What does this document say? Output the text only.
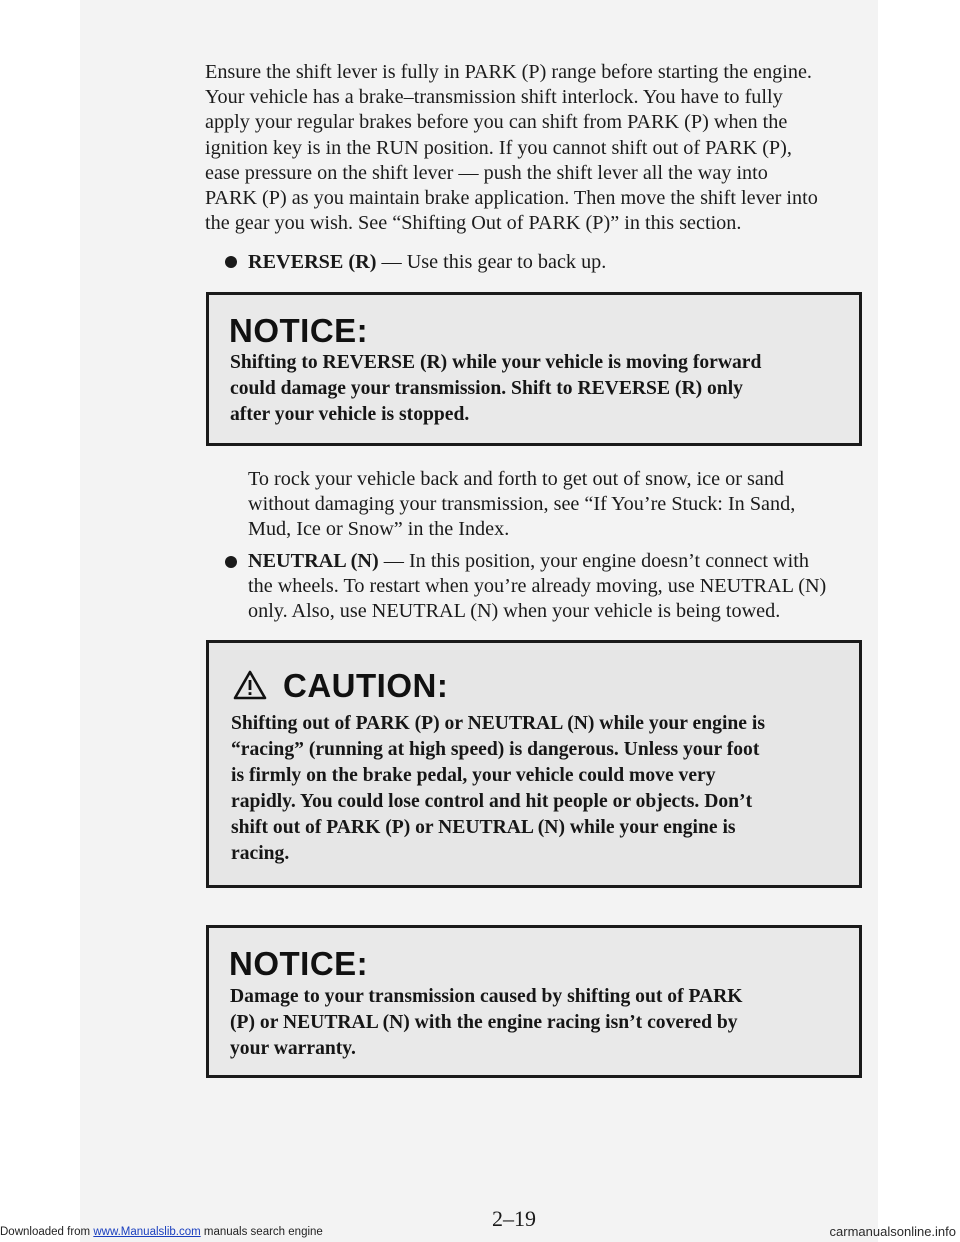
Ensure the shift lever is fully in PARK (P) range before starting the engine.
Your vehicle has a brake–transmission shift interlock. You have to fully
apply your regular brakes before you can shift from PARK (P) when the
ignition key is in the RUN position. If you cannot shift out of PARK (P),
ease pressure on the shift lever — push the shift lever all the way into
PARK (P) as you maintain brake application. Then move the shift lever into
the gear you wish. See “Shifting Out of PARK (P)” in this section.
REVERSE (R) — Use this gear to back up.
NOTICE:
Shifting to REVERSE (R) while your vehicle is moving forward
could damage your transmission. Shift to REVERSE (R) only
after your vehicle is stopped.
To rock your vehicle back and forth to get out of snow, ice or sand
without damaging your transmission, see “If You’re Stuck: In Sand,
Mud, Ice or Snow” in the Index.
NEUTRAL (N) — In this position, your engine doesn’t connect with
the wheels. To restart when you’re already moving, use NEUTRAL (N)
only. Also, use NEUTRAL (N) when your vehicle is being towed.
CAUTION:
Shifting out of PARK (P) or NEUTRAL (N) while your engine is
“racing” (running at high speed) is dangerous. Unless your foot
is firmly on the brake pedal, your vehicle could move very
rapidly. You could lose control and hit people or objects. Don’t
shift out of PARK (P) or NEUTRAL (N) while your engine is
racing.
NOTICE:
Damage to your transmission caused by shifting out of PARK
(P) or NEUTRAL (N) with the engine racing isn’t covered by
your warranty.
2–19
Downloaded from www.Manualslib.com manuals search engine	carmanualsonline.info
